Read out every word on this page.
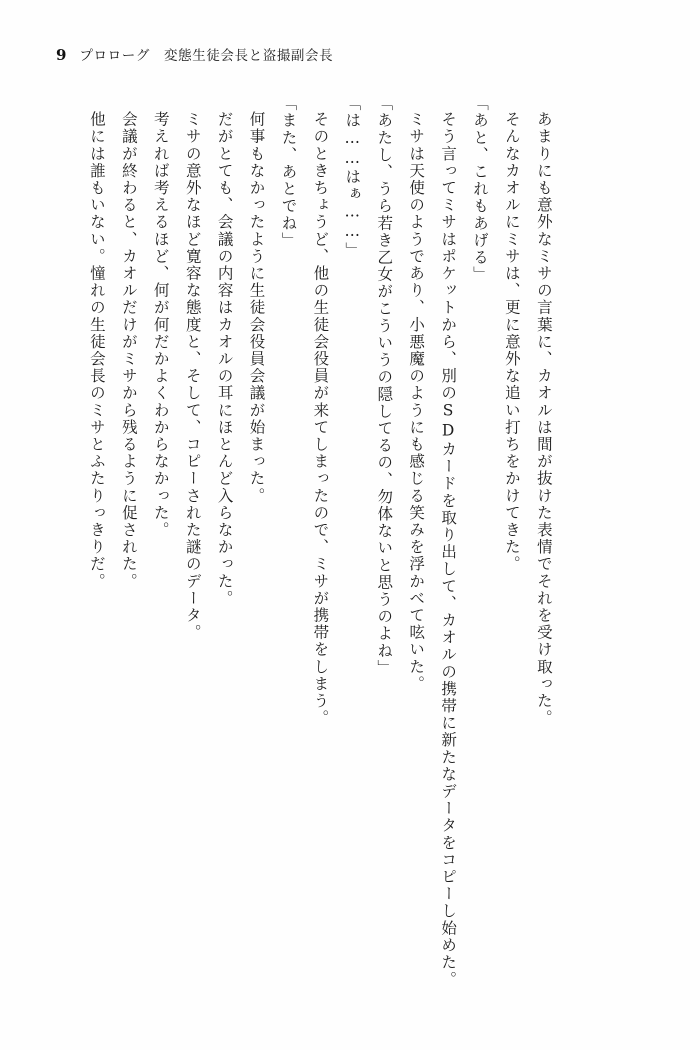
9 プロローグ　変態生徒会長と盗撮副会長

あまりにも意外なミサの言葉に、カオルは間が抜けた表情でそれを受け取った。

そんなカオルにミサは、更に意外な追い打ちをかけてきた。

「あと、これもあげる」

そう言ってミサはポケットから、別のSDカードを取り出して、カオルの携帯に新たなデータをコピーし始めた。

ミサは天使のようであり、小悪魔のようにも感じる笑みを浮かべて呟いた。

「あたし、うら若き乙女がこういうの隠してるの、勿体ないと思うのよね」

「は……はぁ……」

そのときちょうど、他の生徒会役員が来てしまったので、ミサが携帯をしまう。

「また、あとでね」

何事もなかったように生徒会役員会議が始まった。

だがとても、会議の内容はカオルの耳にほとんど入らなかった。

ミサの意外なほど寛容な態度と、そして、コピーされた謎のデータ。

考えれば考えるほど、何が何だかよくわからなかった。

会議が終わると、カオルだけがミサから残るように促された。

他には誰もいない。憧れの生徒会長のミサとふたりっきりだ。
